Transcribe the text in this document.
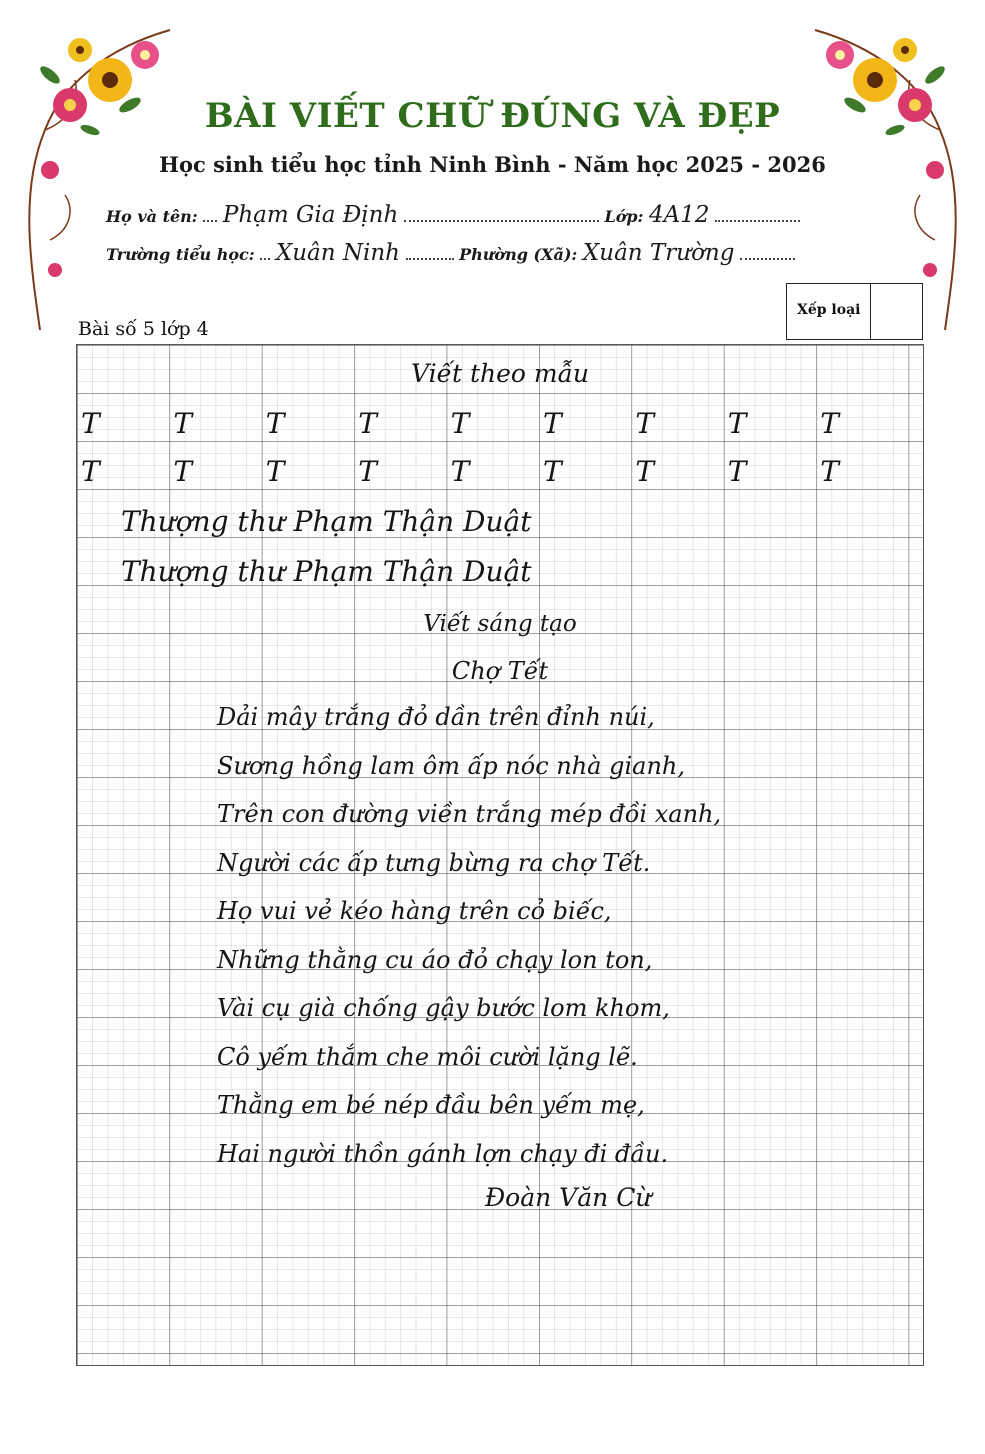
BÀI VIẾT CHỮ ĐÚNG VÀ ĐẸP
Học sinh tiểu học tỉnh Ninh Bình - Năm học 2025 - 2026
Họ và tên: Phạm Gia Định	Lớp: 4A12
Trường tiểu học: Xuân Ninh	Phường (Xã): Xuân Trường
Xếp loại
Bài số 5 lớp 4
Viết theo mẫu
T	T	T	T	T	T	T	T	T
T	T	T	T	T	T	T	T	T
Thượng thư Phạm Thận Duật
Thượng thư Phạm Thận Duật
Viết sáng tạo
Chợ Tết
Dải mây trắng đỏ dần trên đỉnh núi,
Sương hồng lam ôm ấp nóc nhà gianh,
Trên con đường viền trắng mép đồi xanh,
Người các ấp tưng bừng ra chợ Tết.
Họ vui vẻ kéo hàng trên cỏ biếc,
Những thằng cu áo đỏ chạy lon ton,
Vài cụ già chống gậy bước lom khom,
Cô yếm thắm che môi cười lặng lẽ.
Thằng em bé nép đầu bên yếm mẹ,
Hai người thồn gánh lợn chạy đi đầu.
Đoàn Văn Cừ
